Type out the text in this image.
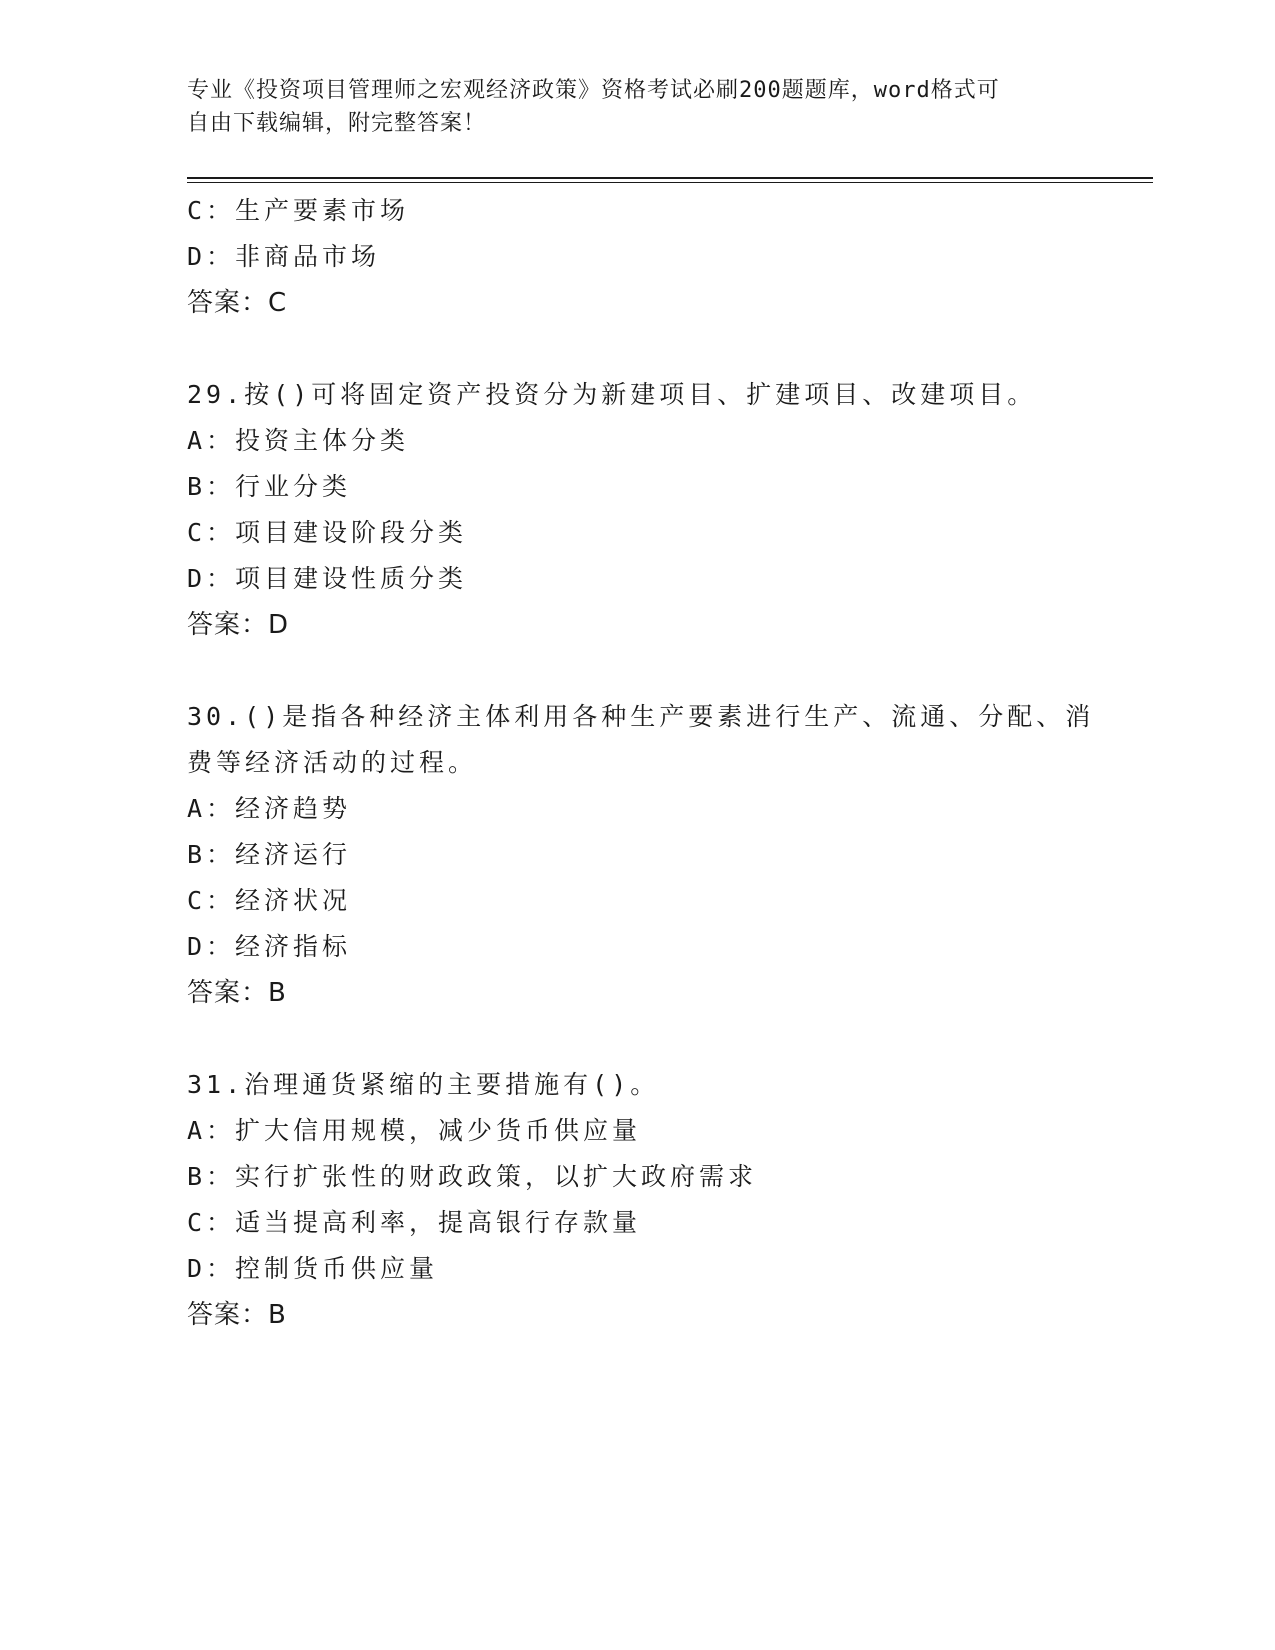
专业《投资项目管理师之宏观经济政策》资格考试必刷200题题库，word格式可
自由下载编辑，附完整答案！
C：生产要素市场
D：非商品市场
答案：C
29.按()可将固定资产投资分为新建项目、扩建项目、改建项目。
A：投资主体分类
B：行业分类
C：项目建设阶段分类
D：项目建设性质分类
答案：D
30.()是指各种经济主体利用各种生产要素进行生产、流通、分配、消
费等经济活动的过程。
A：经济趋势
B：经济运行
C：经济状况
D：经济指标
答案：B
31.治理通货紧缩的主要措施有()。
A：扩大信用规模，减少货币供应量
B：实行扩张性的财政政策，以扩大政府需求
C：适当提高利率，提高银行存款量
D：控制货币供应量
答案：B
